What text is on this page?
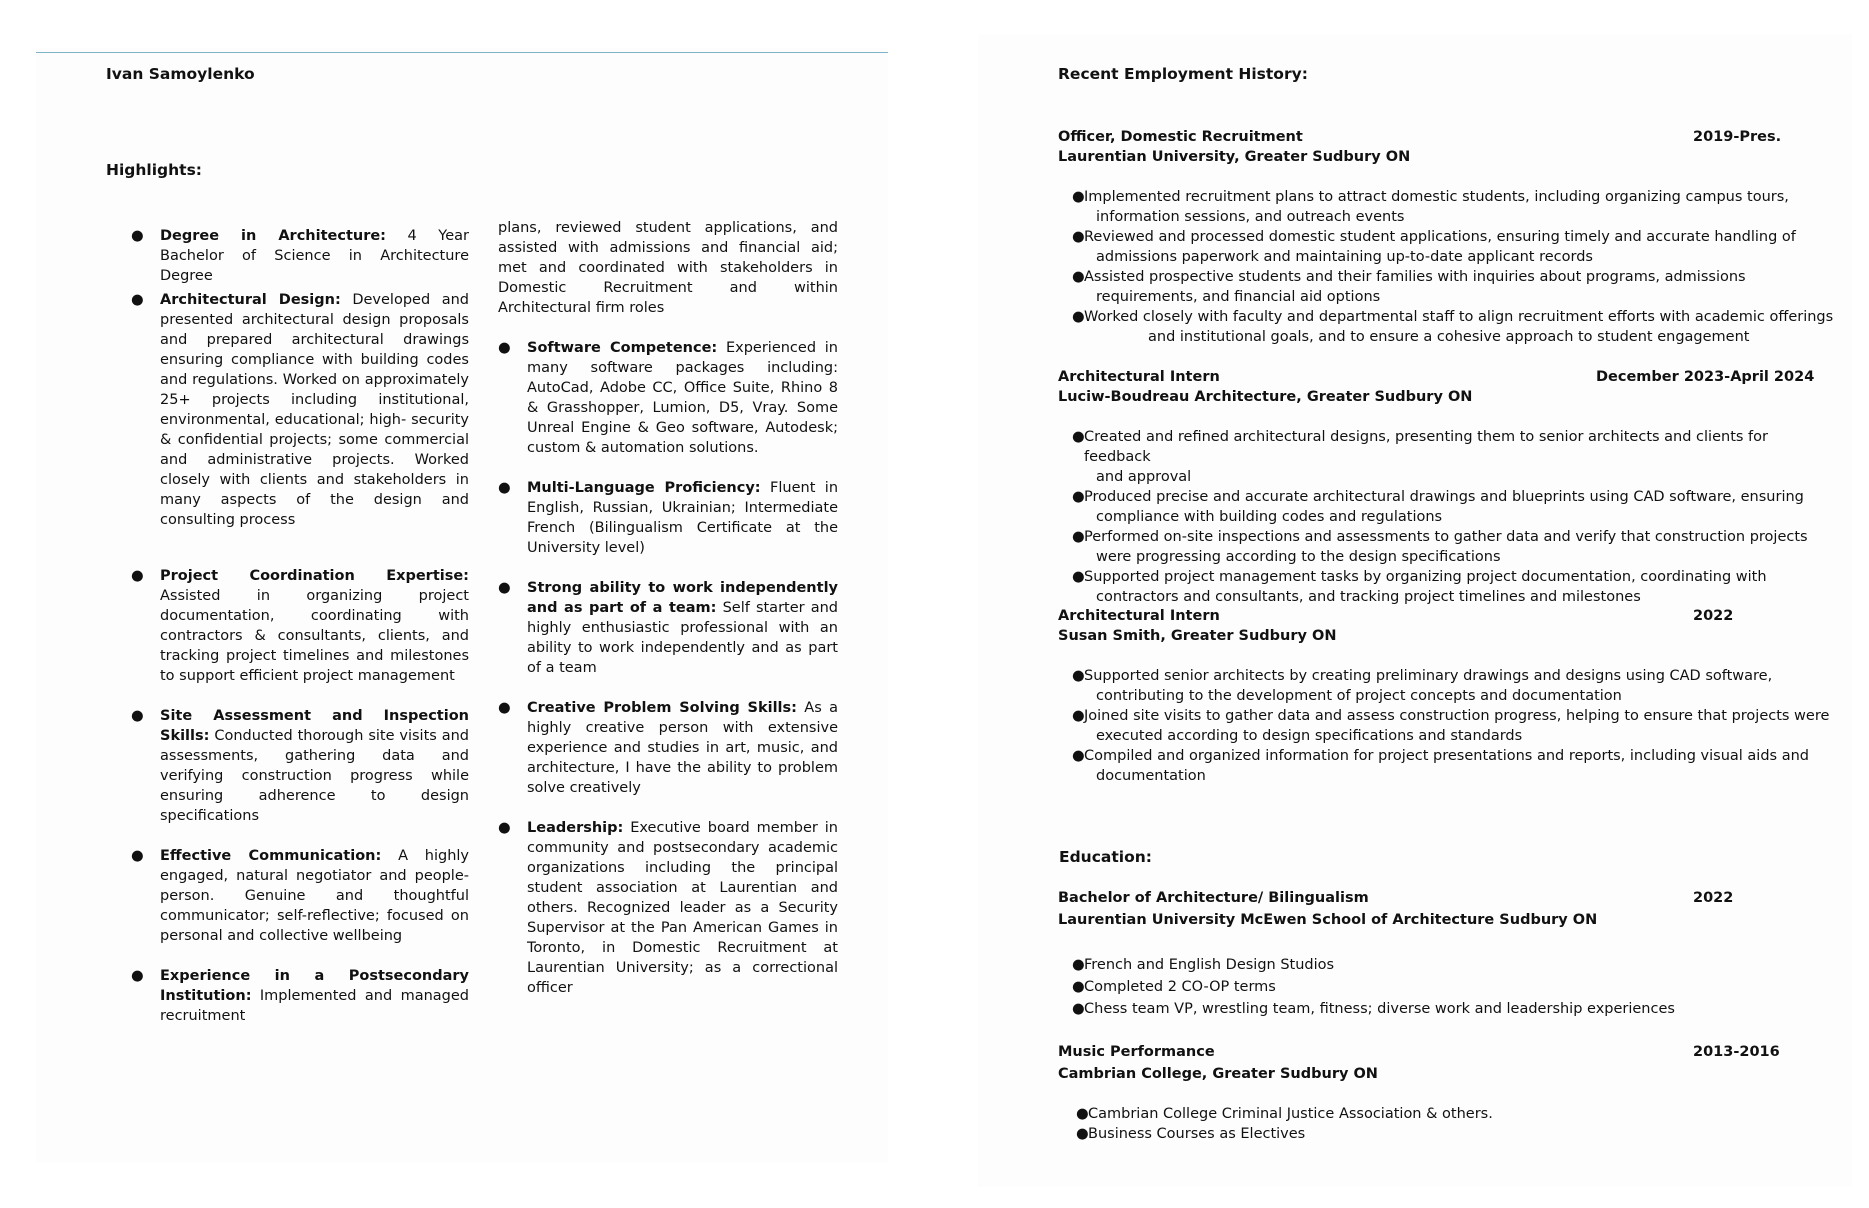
Ivan Samoylenko
Highlights:
● Degree in Architecture: 4 Year Bachelor of Science in Architecture Degree
● Architectural Design: Developed and presented architectural design proposals and prepared architectural drawings ensuring compliance with building codes and regulations. Worked on approximately 25+ projects including institutional, environmental, educational; high- security & confidential projects; some commercial and administrative projects. Worked closely with clients and stakeholders in many aspects of the design and consulting process
● Project Coordination Expertise: Assisted in organizing project documentation, coordinating with contractors & consultants, clients, and tracking project timelines and milestones to support efficient project management
● Site Assessment and Inspection Skills: Conducted thorough site visits and assessments, gathering data and verifying construction progress while ensuring adherence to design specifications
● Effective Communication: A highly engaged, natural negotiator and people- person. Genuine and thoughtful communicator; self-reflective; focused on personal and collective wellbeing
● Experience in a Postsecondary Institution: Implemented and managed recruitment
plans, reviewed student applications, and assisted with admissions and financial aid; met and coordinated with stakeholders in Domestic Recruitment and within Architectural firm roles
● Software Competence: Experienced in many software packages including: AutoCad, Adobe CC, Office Suite, Rhino 8 & Grasshopper, Lumion, D5, Vray. Some Unreal Engine & Geo software, Autodesk; custom & automation solutions.
● Multi-Language Proficiency: Fluent in English, Russian, Ukrainian; Intermediate French (Bilingualism Certificate at the University level)
● Strong ability to work independently and as part of a team: Self starter and highly enthusiastic professional with an ability to work independently and as part of a team
● Creative Problem Solving Skills: As a highly creative person with extensive experience and studies in art, music, and architecture, I have the ability to problem solve creatively
● Leadership: Executive board member in community and postsecondary academic organizations including the principal student association at Laurentian and others. Recognized leader as a Security Supervisor at the Pan American Games in Toronto, in Domestic Recruitment at Laurentian University; as a correctional officer
Recent Employment History:
Officer, Domestic Recruitment	2019-Pres.
Laurentian University, Greater Sudbury ON
● Implemented recruitment plans to attract domestic students, including organizing campus tours,
information sessions, and outreach events
● Reviewed and processed domestic student applications, ensuring timely and accurate handling of
admissions paperwork and maintaining up-to-date applicant records
● Assisted prospective students and their families with inquiries about programs, admissions
requirements, and financial aid options
● Worked closely with faculty and departmental staff to align recruitment efforts with academic offerings
and institutional goals, and to ensure a cohesive approach to student engagement
Architectural Intern	December 2023-April 2024
Luciw-Boudreau Architecture, Greater Sudbury ON
● Created and refined architectural designs, presenting them to senior architects and clients for feedback
and approval
● Produced precise and accurate architectural drawings and blueprints using CAD software, ensuring
compliance with building codes and regulations
● Performed on-site inspections and assessments to gather data and verify that construction projects
were progressing according to the design specifications
● Supported project management tasks by organizing project documentation, coordinating with
contractors and consultants, and tracking project timelines and milestones
Architectural Intern	2022
Susan Smith, Greater Sudbury ON
● Supported senior architects by creating preliminary drawings and designs using CAD software,
contributing to the development of project concepts and documentation
● Joined site visits to gather data and assess construction progress, helping to ensure that projects were
executed according to design specifications and standards
● Compiled and organized information for project presentations and reports, including visual aids and
documentation
Education:
Bachelor of Architecture/ Bilingualism	2022
Laurentian University McEwen School of Architecture Sudbury ON
● French and English Design Studios
● Completed 2 CO-OP terms
● Chess team VP, wrestling team, fitness; diverse work and leadership experiences
Music Performance	2013-2016
Cambrian College, Greater Sudbury ON
● Cambrian College Criminal Justice Association & others.
● Business Courses as Electives
